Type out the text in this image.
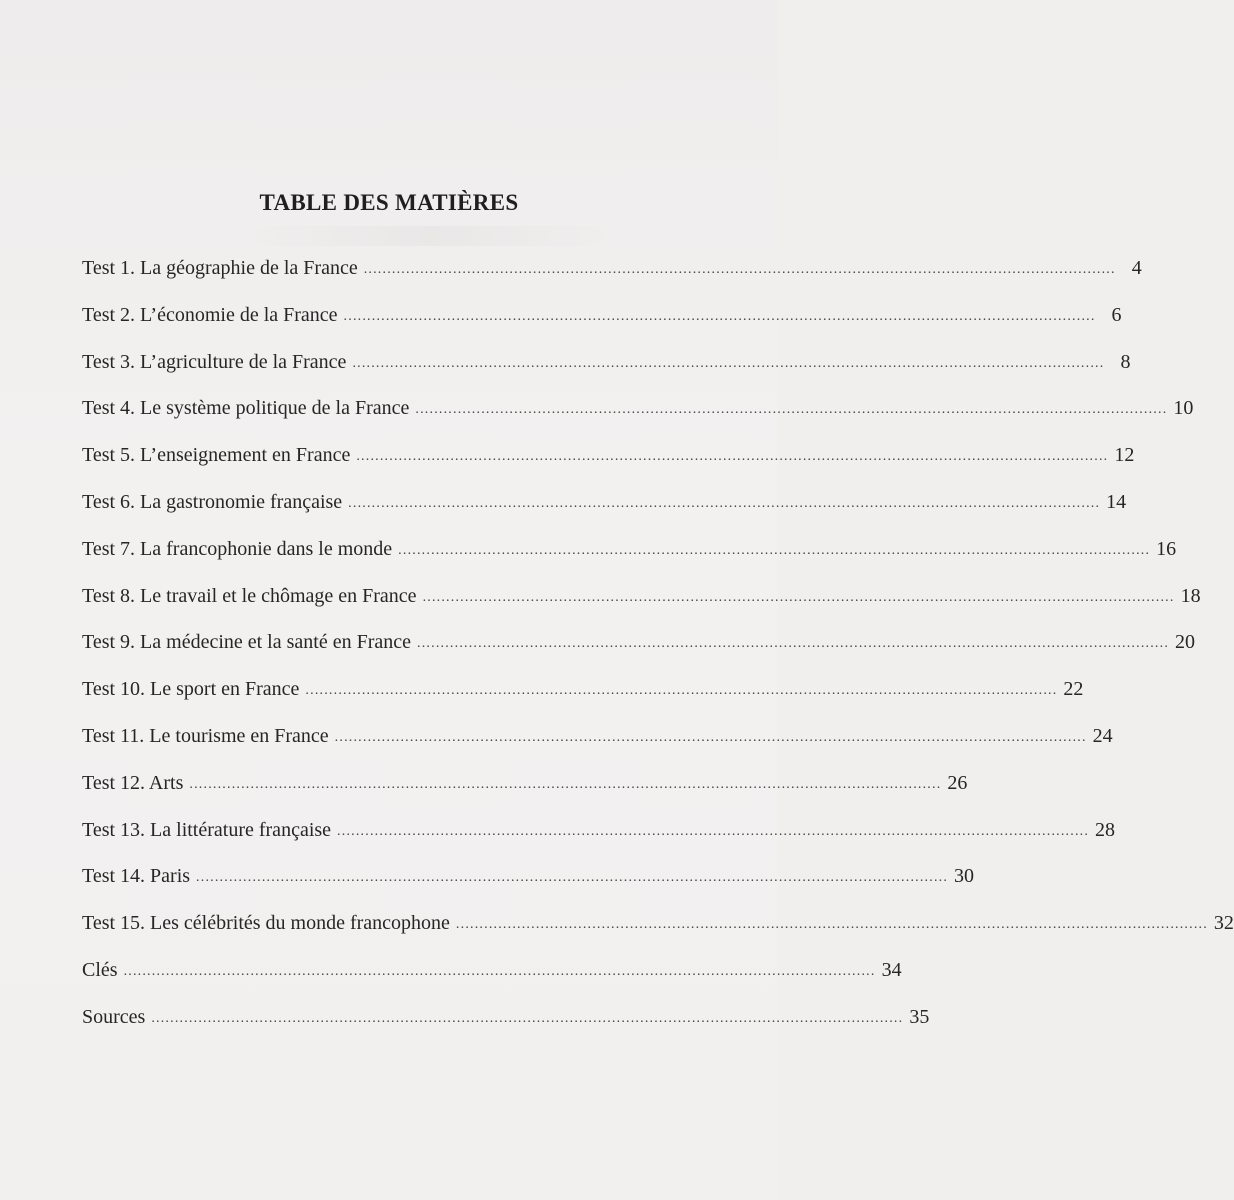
TABLE DES MATIÈRES
Test 1. La géographie de la France ................................................................................................................................................................ 4
Test 2. L’économie de la France ................................................................................................................................................................ 6
Test 3. L’agriculture de la France ................................................................................................................................................................ 8
Test 4. Le système politique de la France ................................................................................................................................................................ 10
Test 5. L’enseignement en France ................................................................................................................................................................ 12
Test 6. La gastronomie française ................................................................................................................................................................ 14
Test 7. La francophonie dans le monde ................................................................................................................................................................ 16
Test 8. Le travail et le chômage en France ................................................................................................................................................................ 18
Test 9. La médecine et la santé en France ................................................................................................................................................................ 20
Test 10. Le sport en France ................................................................................................................................................................ 22
Test 11. Le tourisme en France ................................................................................................................................................................ 24
Test 12. Arts ................................................................................................................................................................ 26
Test 13. La littérature française ................................................................................................................................................................ 28
Test 14. Paris ................................................................................................................................................................ 30
Test 15. Les célébrités du monde francophone ................................................................................................................................................................ 32
Clés ................................................................................................................................................................ 34
Sources ................................................................................................................................................................ 35
